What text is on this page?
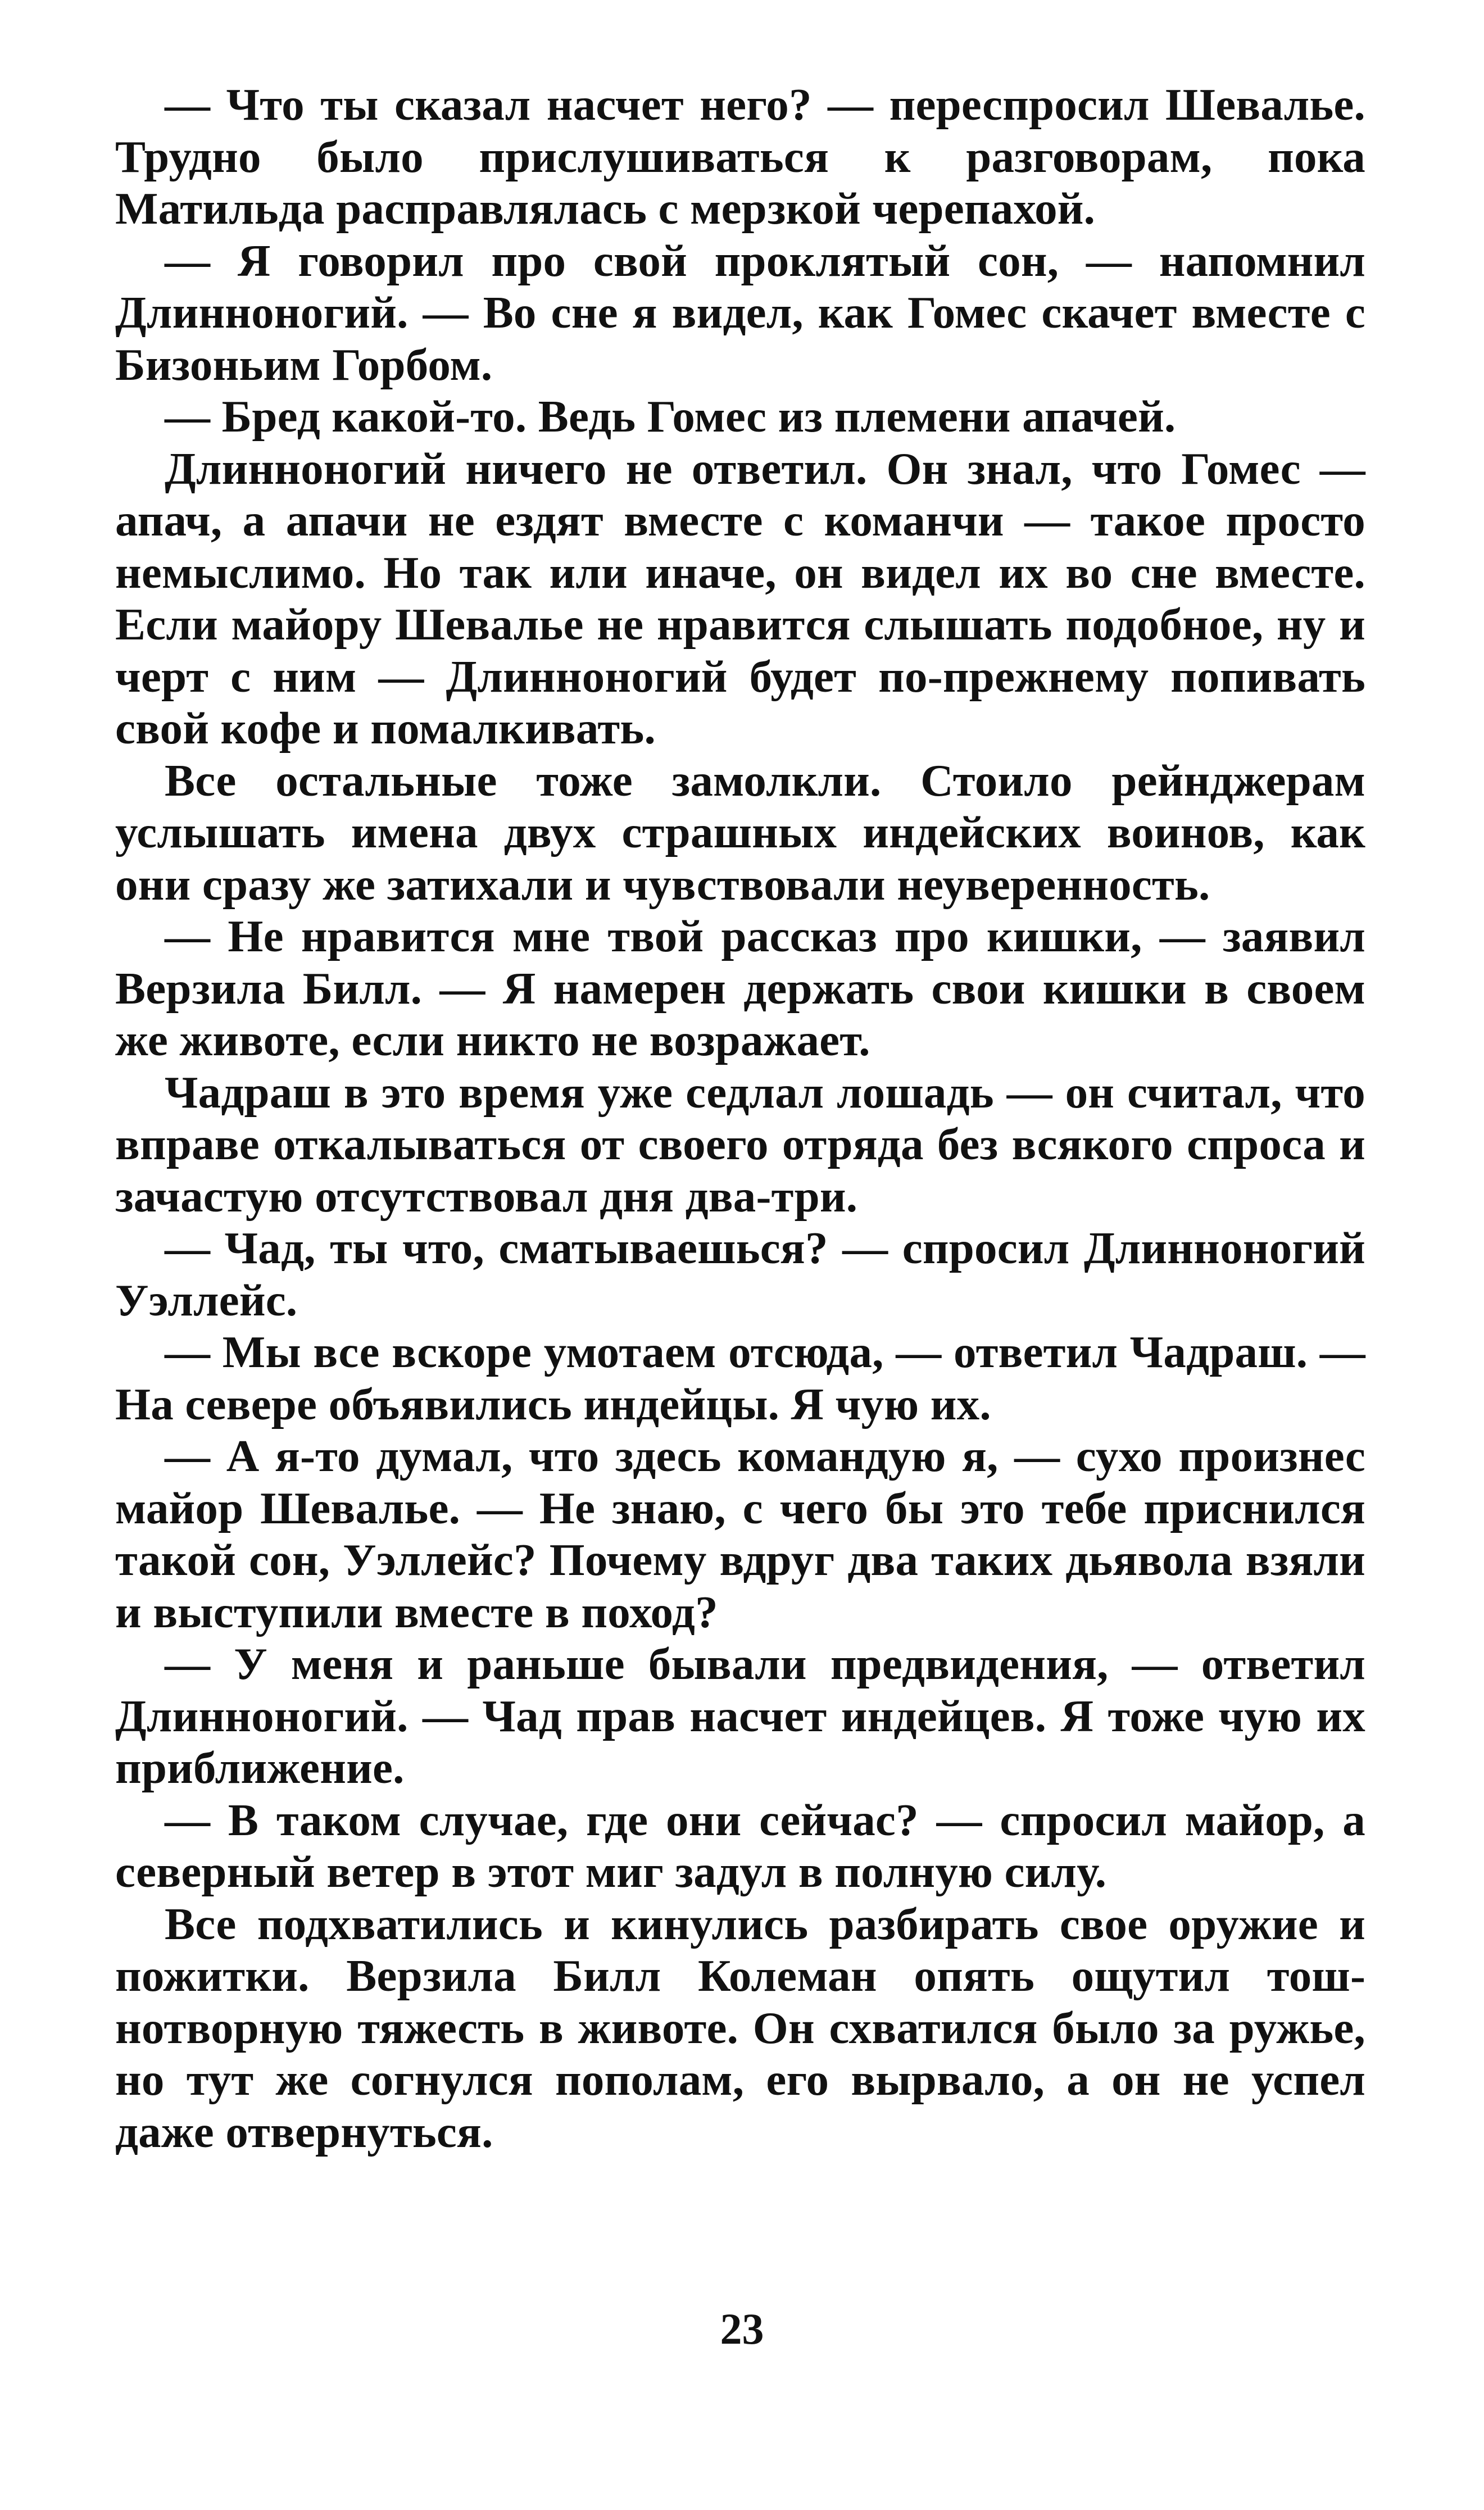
— Что ты сказал насчет него? — переспросил Шевалье. Трудно было прислушиваться к разговорам, пока Матильда расправлялась с мерзкой черепахой.

— Я говорил про свой проклятый сон, — напомнил Длинноногий. — Во сне я видел, как Гомес скачет вместе с Бизоньим Горбом.

— Бред какой-то. Ведь Гомес из племени апачей.

Длинноногий ничего не ответил. Он знал, что Гомес — апач, а апачи не ездят вместе с команчи — такое просто немыслимо. Но так или иначе, он видел их во сне вместе. Если майору Шевалье не нравится слышать подобное, ну и черт с ним — Длинноногий будет по-прежнему попивать свой кофе и помалкивать.

Все остальные тоже замолкли. Стоило рейнджерам услышать имена двух страшных индейских воинов, как они сразу же затихали и чувствовали неуверенность.

— Не нравится мне твой рассказ про кишки, — заявил Верзила Билл. — Я намерен держать свои кишки в своем же животе, если никто не возражает.

Чадраш в это время уже седлал лошадь — он считал, что вправе откалываться от своего отряда без всякого спроса и зачастую отсутствовал дня два-три.

— Чад, ты что, сматываешься? — спросил Длинноногий Уэллейс.

— Мы все вскоре умотаем отсюда, — ответил Чадраш. — На севере объявились индейцы. Я чую их.

— А я-то думал, что здесь командую я, — сухо произнес майор Шевалье. — Не знаю, с чего бы это тебе приснился такой сон, Уэллейс? Почему вдруг два таких дьявола взяли и выступили вместе в поход?

— У меня и раньше бывали предвидения, — ответил Длинноногий. — Чад прав насчет индейцев. Я тоже чую их приближение.

— В таком случае, где они сейчас? — спросил майор, а северный ветер в этот миг задул в полную силу.

Все подхватились и кинулись разбирать свое оружие и пожитки. Верзила Билл Колеман опять ощутил тошнотворную тяжесть в животе. Он схватился было за ружье, но тут же согнулся пополам, его вырвало, а он не успел даже отвернуться.

23
